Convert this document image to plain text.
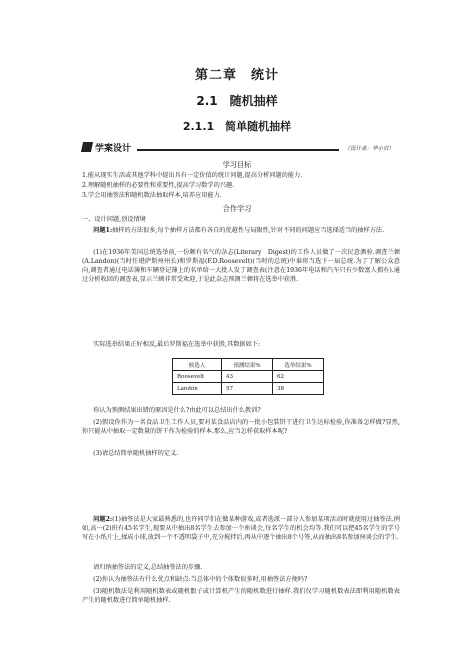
第二章　统计
2.1　随机抽样
2.1.1　简单随机抽样
学案设计	（设计者：华小启）
学习目标
1.能从现实生活或其他学科中提出具有一定价值的统计问题,提高分析问题的能力.
2.理解随机抽样的必要性和重要性,提高学习数学的兴趣.
3.学会用抽签法和随机数法抽取样本,培养应用能力.
合作学习
一、设计问题,创设情境
问题1:抽样的方法很多,每个抽样方法都有各自的优越性与局限性,针对不同的问题应当选择适当的抽样方法.
(1)在1936年美国总统选举前,一份颇有名气的杂志(Literary　Digest)的工作人员做了一次民意测验.调查兰顿(A.Landon)(当时任堪萨斯州州长)和罗斯福(F.D.Roosevelt)(当时的总统)中谁将当选下一届总统.为了了解公众意向,调查者通过电话簿和车辆登记簿上的名单给一大批人发了调查表(注意在1936年电话和汽车只有少数富人拥有).通过分析收回的调查表,显示兰顿非常受欢迎,于是此杂志预测兰顿将在选举中获胜.
实际选举结果正好相反,最后罗斯福在选举中获胜,其数据如下:
候选人	预测结果%	选举结果%
Roosevelt	43	62
Landon	57	38
你认为预测结果出错的原因是什么?由此可以总结出什么教训?
(2)假设你作为一名食品卫生工作人员,要对某食品店内的一批小包装饼干进行卫生达标检验,你准备怎样做?显然,你只能从中抽取一定数量的饼干作为检验的样本.那么,应当怎样获取样本呢?
(3)请总结简单随机抽样的定义.
问题2:(1)抽签法是大家最熟悉的,也许同学们在做某种游戏,或者选派一部分人参加某项活动时就使用过抽签法.例如,高一(2)班有45名学生,现要从中抽出8名学生去参加一个座谈会,每名学生的机会均等.我们可以把45名学生的学号写在小纸片上,揉成小球,放到一个不透明袋子中,充分搅拌后,再从中逐个抽出8个号签,从而抽出8名参加座谈会的学生.
请归纳抽签法的定义,总结抽签法的步骤.
(2)你认为抽签法有什么优点和缺点:当总体中的个体数很多时,用抽签法方便吗?
(3)随机数法是利用随机数表或随机骰子或计算机产生的随机数进行抽样.我们仅学习随机数表法即利用随机数表产生的随机数进行简单随机抽样.
